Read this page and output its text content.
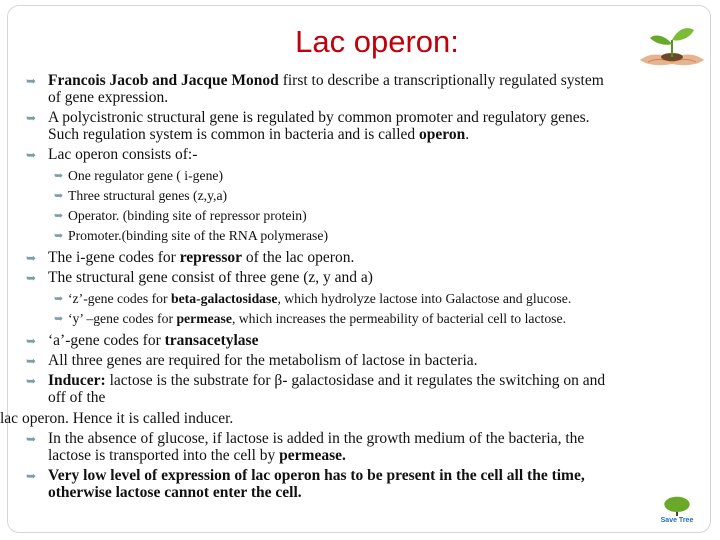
Lac operon:
➥ Francois Jacob and Jacque Monod first to describe a transcriptionally regulated system
of gene expression.
➥ A polycistronic structural gene is regulated by common promoter and regulatory genes.
Such regulation system is common in bacteria and is called operon.
➥ Lac operon consists of:-
➥ One regulator gene ( i-gene)
➥ Three structural genes (z,y,a)
➥ Operator. (binding site of repressor protein)
➥ Promoter.(binding site of the RNA polymerase)
➥ The i-gene codes for repressor of the lac operon.
➥ The structural gene consist of three gene (z, y and a)
➥ ‘z’-gene codes for beta-galactosidase, which hydrolyze lactose into Galactose and glucose.
➥ ‘y’ –gene codes for permease, which increases the permeability of bacterial cell to lactose.
➥ ‘a’-gene codes for transacetylase
➥ All three genes are required for the metabolism of lactose in bacteria.
➥ Inducer: lactose is the substrate for β- galactosidase and it regulates the switching on and
off of the
lac operon. Hence it is called inducer.
➥ In the absence of glucose, if lactose is added in the growth medium of the bacteria, the
lactose is transported into the cell by permease.
➥ Very low level of expression of lac operon has to be present in the cell all the time,
otherwise lactose cannot enter the cell.
Save Tree
